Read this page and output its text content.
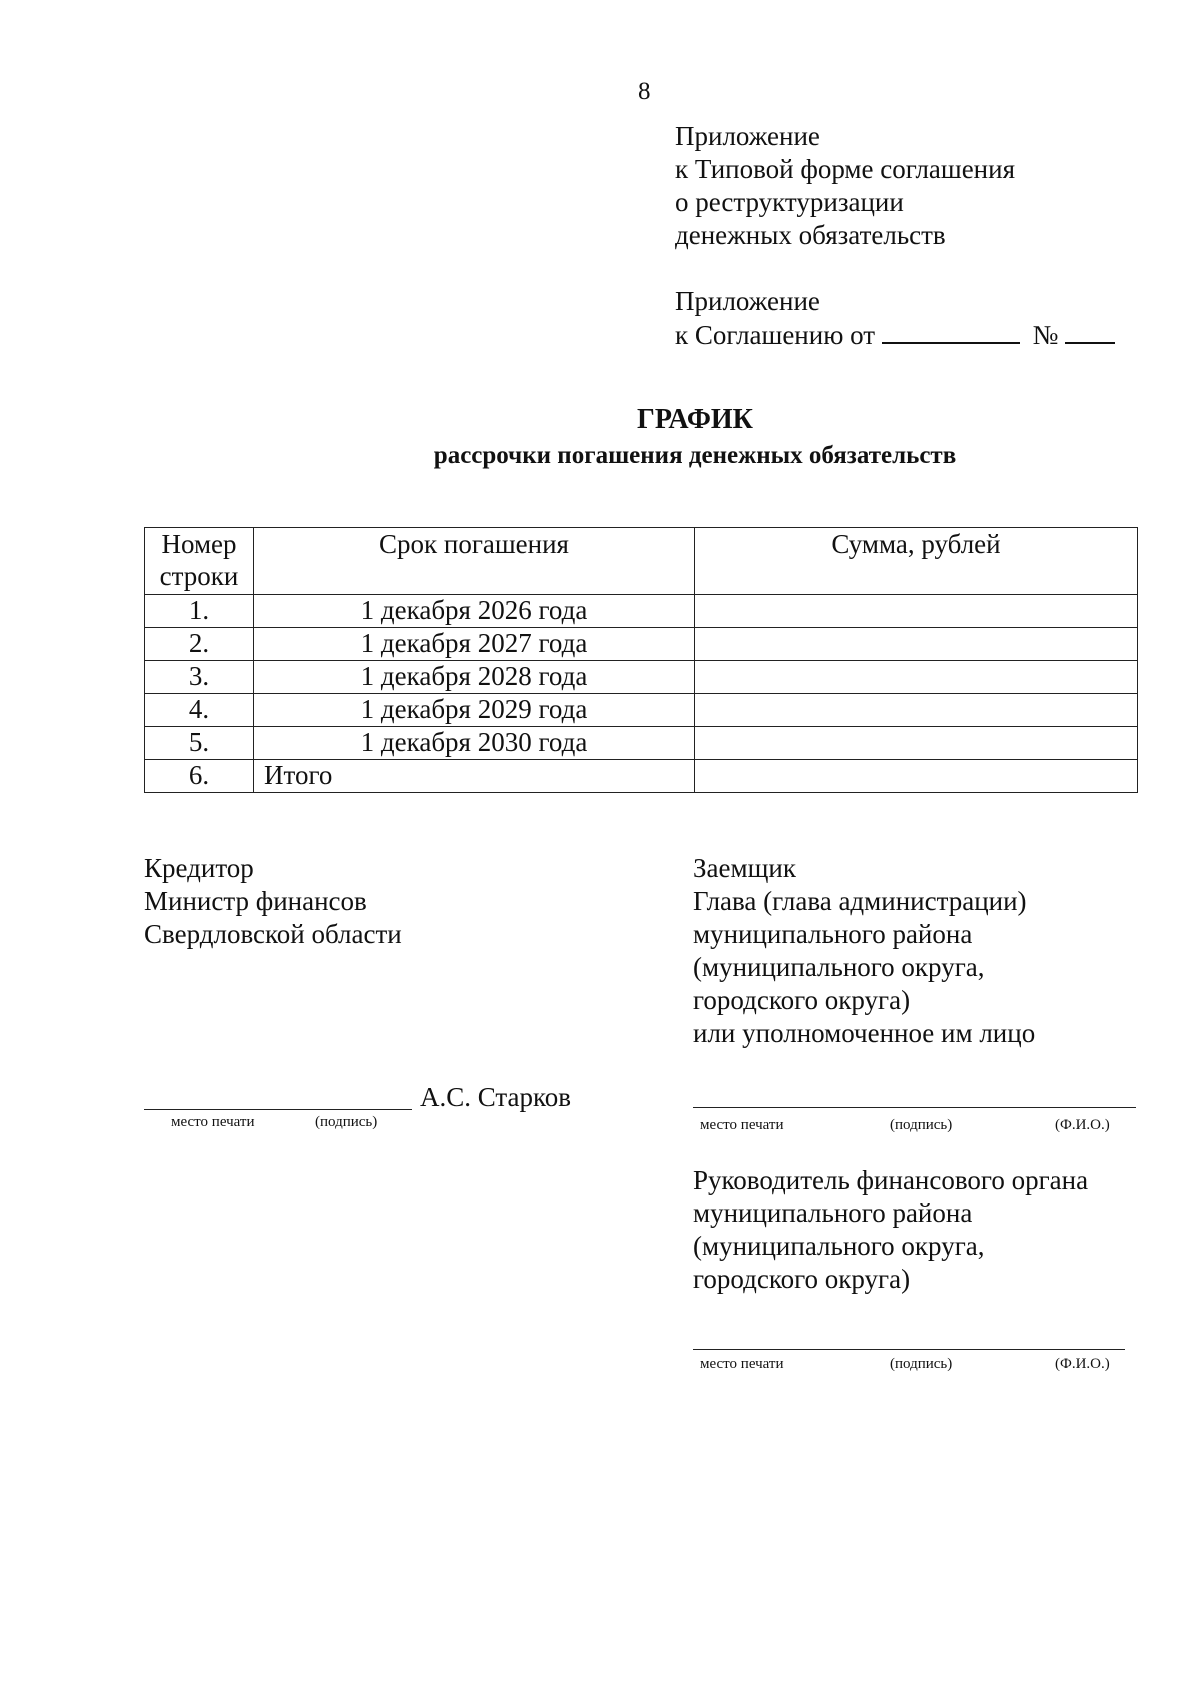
8

Приложение

к Типовой форме соглашения

о реструктуризации

денежных обязательств

Приложение

к Соглашению от	№

ГРАФИК
рассрочки погашения денежных обязательств
Номер строки	Срок погашения	Сумма, рублей
1.	1 декабря 2026 года	
2.	1 декабря 2027 года	
3.	1 декабря 2028 года	
4.	1 декабря 2029 года	
5.	1 декабря 2030 года	
6.	Итого	

Кредитор

Министр финансов

Свердловской области

А.С. Старков
место печати	(подпись)

Заемщик

Глава (глава администрации)

муниципального района

(муниципального округа,

городского округа)

или уполномоченное им лицо

место печати	(подпись)	(Ф.И.О.)

Руководитель финансового органа

муниципального района

(муниципального округа,

городского округа)

место печати	(подпись)	(Ф.И.О.)
